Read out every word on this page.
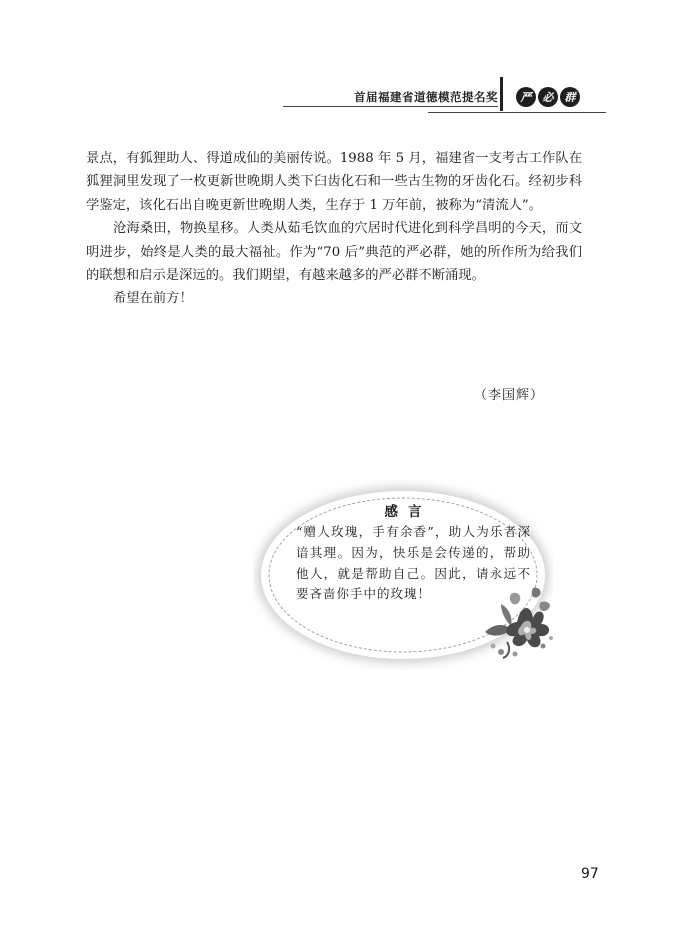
首届福建省道德模范提名奖	严	必	群

景点，有狐狸助人、得道成仙的美丽传说。1988 年 5 月，福建省一支考古工作队在狐狸洞里发现了一枚更新世晚期人类下臼齿化石和一些古生物的牙齿化石。经初步科学鉴定，该化石出自晚更新世晚期人类，生存于 1 万年前，被称为“清流人”。

沧海桑田，物换星移。人类从茹毛饮血的穴居时代进化到科学昌明的今天，而文明进步，始终是人类的最大福祉。作为“70 后”典范的严必群，她的所作所为给我们的联想和启示是深远的。我们期望，有越来越多的严必群不断涌现。

希望在前方！

（李国辉）
感言

“赠人玫瑰，手有余香”，助人为乐者深谙其理。因为，快乐是会传递的，帮助他人，就是帮助自己。因此，请永远不要吝啬你手中的玫瑰！

97
